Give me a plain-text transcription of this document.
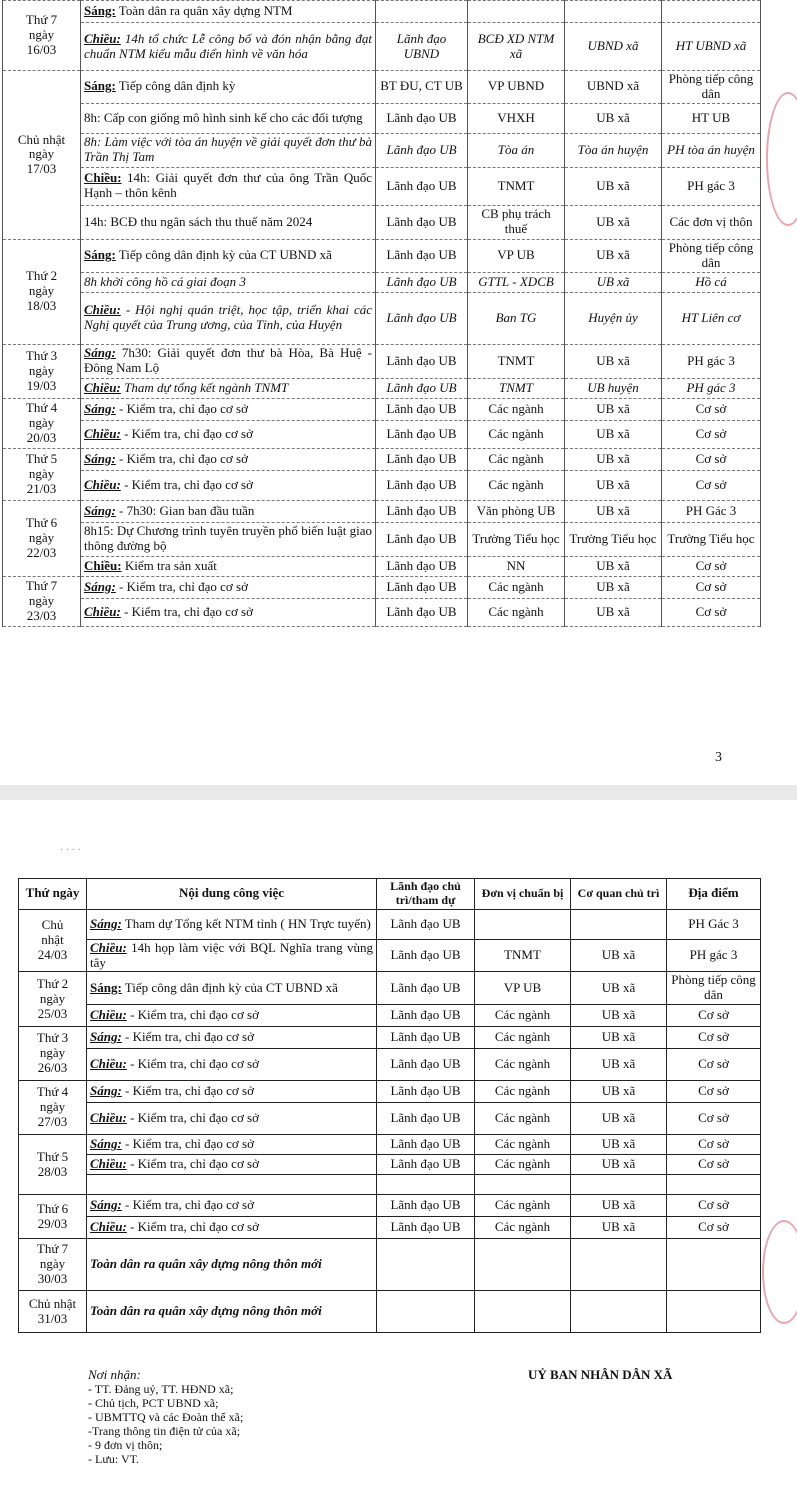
Thứ 7
ngày
16/03	Sáng: Toàn dân ra quân xây dựng NTM				
	Chiều: 14h tổ chức Lễ công bố và đón nhận bằng đạt chuẩn NTM kiểu mẫu điển hình về văn hóa	Lãnh đạo UBND	BCĐ XD NTM xã	UBND xã	HT UBND xã

Chủ nhật
ngày
17/03	Sáng: Tiếp công dân định kỳ	BT ĐU, CT UB	VP UBND	UBND xã	Phòng tiếp công dân
	8h: Cấp con giống mô hình sinh kế cho các đối tượng	Lãnh đạo UB	VHXH	UB xã	HT UB
	8h: Làm việc với tòa án huyện về giải quyết đơn thư bà Trần Thị Tam	Lãnh đạo UB	Tòa án	Tòa án huyện	PH tòa án huyện
	Chiều: 14h: Giải quyết đơn thư của ông Trần Quốc Hạnh – thôn kênh	Lãnh đạo UB	TNMT	UB xã	PH gác 3
	14h: BCĐ thu ngân sách thu thuế năm 2024	Lãnh đạo UB	CB phụ trách thuế	UB xã	Các đơn vị thôn

Thứ 2
ngày
18/03	Sáng: Tiếp công dân định kỳ của CT UBND xã	Lãnh đạo UB	VP UB	UB xã	Phòng tiếp công dân
	8h khởi công hồ cá giai đoạn 3	Lãnh đạo UB	GTTL - XDCB	UB xã	Hồ cá
	Chiều: - Hội nghị quán triệt, học tập, triển khai các Nghị quyết của Trung ương, của Tỉnh, của Huyện	Lãnh đạo UB	Ban TG	Huyện ủy	HT Liên cơ

Thứ 3
ngày
19/03	Sáng: 7h30: Giải quyết đơn thư bà Hòa, Bà Huệ - Đông Nam Lộ	Lãnh đạo UB	TNMT	UB xã	PH gác 3
	Chiều: Tham dự tổng kết ngành TNMT	Lãnh đạo UB	TNMT	UB huyện	PH gác 3

Thứ 4
ngày
20/03	Sáng: - Kiểm tra, chỉ đạo cơ sở	Lãnh đạo UB	Các ngành	UB xã	Cơ sở
	Chiều: - Kiểm tra, chỉ đạo cơ sở	Lãnh đạo UB	Các ngành	UB xã	Cơ sở

Thứ 5
ngày
21/03	Sáng: - Kiểm tra, chỉ đạo cơ sở	Lãnh đạo UB	Các ngành	UB xã	Cơ sở
	Chiều: - Kiểm tra, chỉ đạo cơ sở	Lãnh đạo UB	Các ngành	UB xã	Cơ sở

Thứ 6
ngày
22/03	Sáng: - 7h30: Gian ban đầu tuần	Lãnh đạo UB	Văn phòng UB	UB xã	PH Gác 3
	8h15: Dự Chương trình tuyên truyền phổ biến luật giao thông đường bộ	Lãnh đạo UB	Trường Tiểu học	Trường Tiểu học	Trường Tiểu học
	Chiều: Kiểm tra sản xuất	Lãnh đạo UB	NN	UB xã	Cơ sở

Thứ 7
ngày
23/03	Sáng: - Kiểm tra, chỉ đạo cơ sở	Lãnh đạo UB	Các ngành	UB xã	Cơ sở
	Chiều: - Kiểm tra, chỉ đạo cơ sở	Lãnh đạo UB	Các ngành	UB xã	Cơ sở
3
· · · ·
Thứ ngày	Nội dung công việc	Lãnh đạo chủ trì/tham dự	Đơn vị chuẩn bị	Cơ quan chủ trì	Địa điểm

Chủ
nhật
24/03	Sáng: Tham dự Tổng kết NTM tỉnh ( HN Trực tuyến)	Lãnh đạo UB			PH Gác 3
	Chiều: 14h họp làm việc với BQL Nghĩa trang vùng tây	Lãnh đạo UB	TNMT	UB xã	PH gác 3

Thứ 2
ngày
25/03	Sáng: Tiếp công dân định kỳ của CT UBND xã	Lãnh đạo UB	VP UB	UB xã	Phòng tiếp công dân
	Chiều: - Kiểm tra, chỉ đạo cơ sở	Lãnh đạo UB	Các ngành	UB xã	Cơ sở

Thứ 3
ngày
26/03	Sáng: - Kiểm tra, chỉ đạo cơ sở	Lãnh đạo UB	Các ngành	UB xã	Cơ sở
	Chiều: - Kiểm tra, chỉ đạo cơ sở	Lãnh đạo UB	Các ngành	UB xã	Cơ sở

Thứ 4
ngày
27/03	Sáng: - Kiểm tra, chỉ đạo cơ sở	Lãnh đạo UB	Các ngành	UB xã	Cơ sở
	Chiều: - Kiểm tra, chỉ đạo cơ sở	Lãnh đạo UB	Các ngành	UB xã	Cơ sở

Thứ 5
28/03	Sáng: - Kiểm tra, chỉ đạo cơ sở	Lãnh đạo UB	Các ngành	UB xã	Cơ sở
	Chiều: - Kiểm tra, chỉ đạo cơ sở	Lãnh đạo UB	Các ngành	UB xã	Cơ sở

Thứ 6
29/03	Sáng: - Kiểm tra, chỉ đạo cơ sở	Lãnh đạo UB	Các ngành	UB xã	Cơ sở
	Chiều: - Kiểm tra, chỉ đạo cơ sở	Lãnh đạo UB	Các ngành	UB xã	Cơ sở

Thứ 7
ngày
30/03	Toàn dân ra quân xây dựng nông thôn mới				

Chủ nhật
31/03	Toàn dân ra quân xây dựng nông thôn mới				
Nơi nhận:
- TT. Đảng uỷ, TT. HĐND xã;
- Chủ tịch, PCT UBND xã;
- UBMTTQ và các Đoàn thể xã;
-Trang thông tin điện tử của xã;
- 9 đơn vị thôn;
- Lưu: VT.
UỶ BAN NHÂN DÂN XÃ
